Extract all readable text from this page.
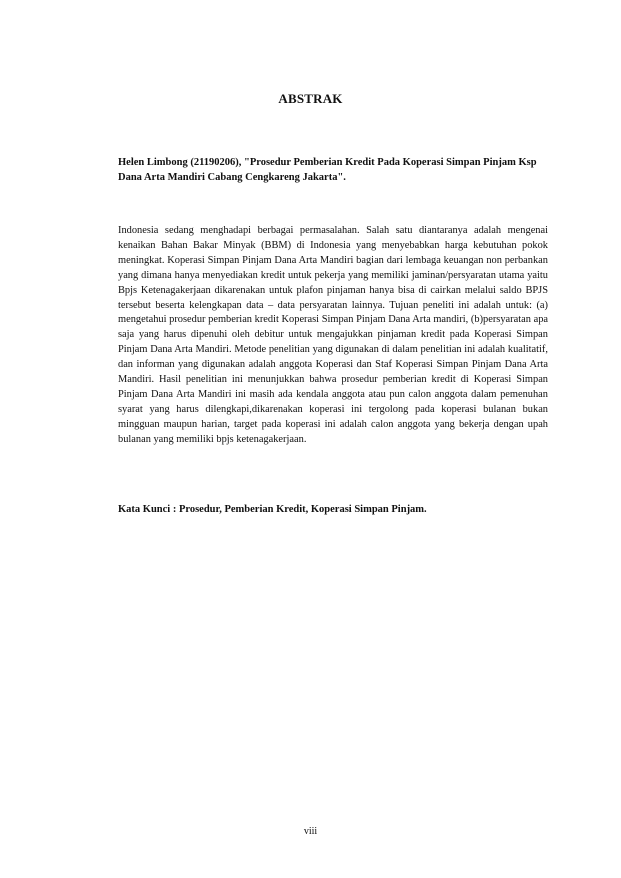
ABSTRAK
Helen Limbong (21190206), "Prosedur Pemberian Kredit Pada Koperasi Simpan Pinjam Ksp Dana Arta Mandiri Cabang Cengkareng Jakarta".
Indonesia sedang menghadapi berbagai permasalahan. Salah satu diantaranya adalah mengenai kenaikan Bahan Bakar Minyak (BBM) di Indonesia yang menyebabkan harga kebutuhan pokok meningkat. Koperasi Simpan Pinjam Dana Arta Mandiri bagian dari lembaga keuangan non perbankan yang dimana hanya menyediakan kredit untuk pekerja yang memiliki jaminan/persyaratan utama yaitu Bpjs Ketenagakerjaan dikarenakan untuk plafon pinjaman hanya bisa di cairkan melalui saldo BPJS tersebut beserta kelengkapan data – data persyaratan lainnya. Tujuan peneliti ini adalah untuk: (a) mengetahui prosedur pemberian kredit Koperasi Simpan Pinjam Dana Arta mandiri, (b)persyaratan apa saja yang harus dipenuhi oleh debitur untuk mengajukkan pinjaman kredit pada Koperasi Simpan Pinjam Dana Arta Mandiri. Metode penelitian yang digunakan di dalam penelitian ini adalah kualitatif, dan informan yang digunakan adalah anggota Koperasi dan Staf Koperasi Simpan Pinjam Dana Arta Mandiri. Hasil penelitian ini menunjukkan bahwa prosedur pemberian kredit di Koperasi Simpan Pinjam Dana Arta Mandiri ini masih ada kendala anggota atau pun calon anggota dalam pemenuhan syarat yang harus dilengkapi,dikarenakan koperasi ini tergolong pada koperasi bulanan bukan mingguan maupun harian, target pada koperasi ini adalah calon anggota yang bekerja dengan upah bulanan yang memiliki bpjs ketenagakerjaan.
Kata Kunci : Prosedur, Pemberian Kredit, Koperasi Simpan Pinjam.
viii
